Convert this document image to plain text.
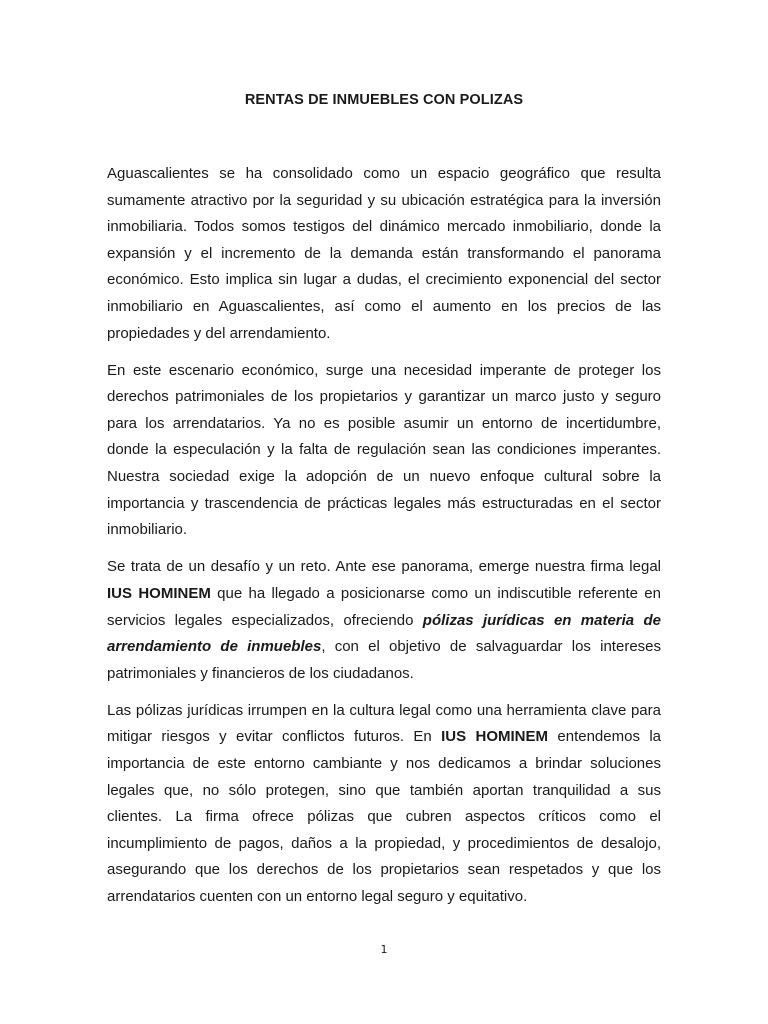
RENTAS DE INMUEBLES CON POLIZAS

Aguascalientes se ha consolidado como un espacio geográfico que resulta sumamente atractivo por la seguridad y su ubicación estratégica para la inversión inmobiliaria. Todos somos testigos del dinámico mercado inmobiliario, donde la expansión y el incremento de la demanda están transformando el panorama económico. Esto implica sin lugar a dudas, el crecimiento exponencial del sector inmobiliario en Aguascalientes, así como el aumento en los precios de las propiedades y del arrendamiento.

En este escenario económico, surge una necesidad imperante de proteger los derechos patrimoniales de los propietarios y garantizar un marco justo y seguro para los arrendatarios. Ya no es posible asumir un entorno de incertidumbre, donde la especulación y la falta de regulación sean las condiciones imperantes. Nuestra sociedad exige la adopción de un nuevo enfoque cultural sobre la importancia y trascendencia de prácticas legales más estructuradas en el sector inmobiliario.

Se trata de un desafío y un reto. Ante ese panorama, emerge nuestra firma legal IUS HOMINEM que ha llegado a posicionarse como un indiscutible referente en servicios legales especializados, ofreciendo pólizas jurídicas en materia de arrendamiento de inmuebles, con el objetivo de salvaguardar los intereses patrimoniales y financieros de los ciudadanos.

Las pólizas jurídicas irrumpen en la cultura legal como una herramienta clave para mitigar riesgos y evitar conflictos futuros. En IUS HOMINEM entendemos la importancia de este entorno cambiante y nos dedicamos a brindar soluciones legales que, no sólo protegen, sino que también aportan tranquilidad a sus clientes. La firma ofrece pólizas que cubren aspectos críticos como el incumplimiento de pagos, daños a la propiedad, y procedimientos de desalojo, asegurando que los derechos de los propietarios sean respetados y que los arrendatarios cuenten con un entorno legal seguro y equitativo.

1
